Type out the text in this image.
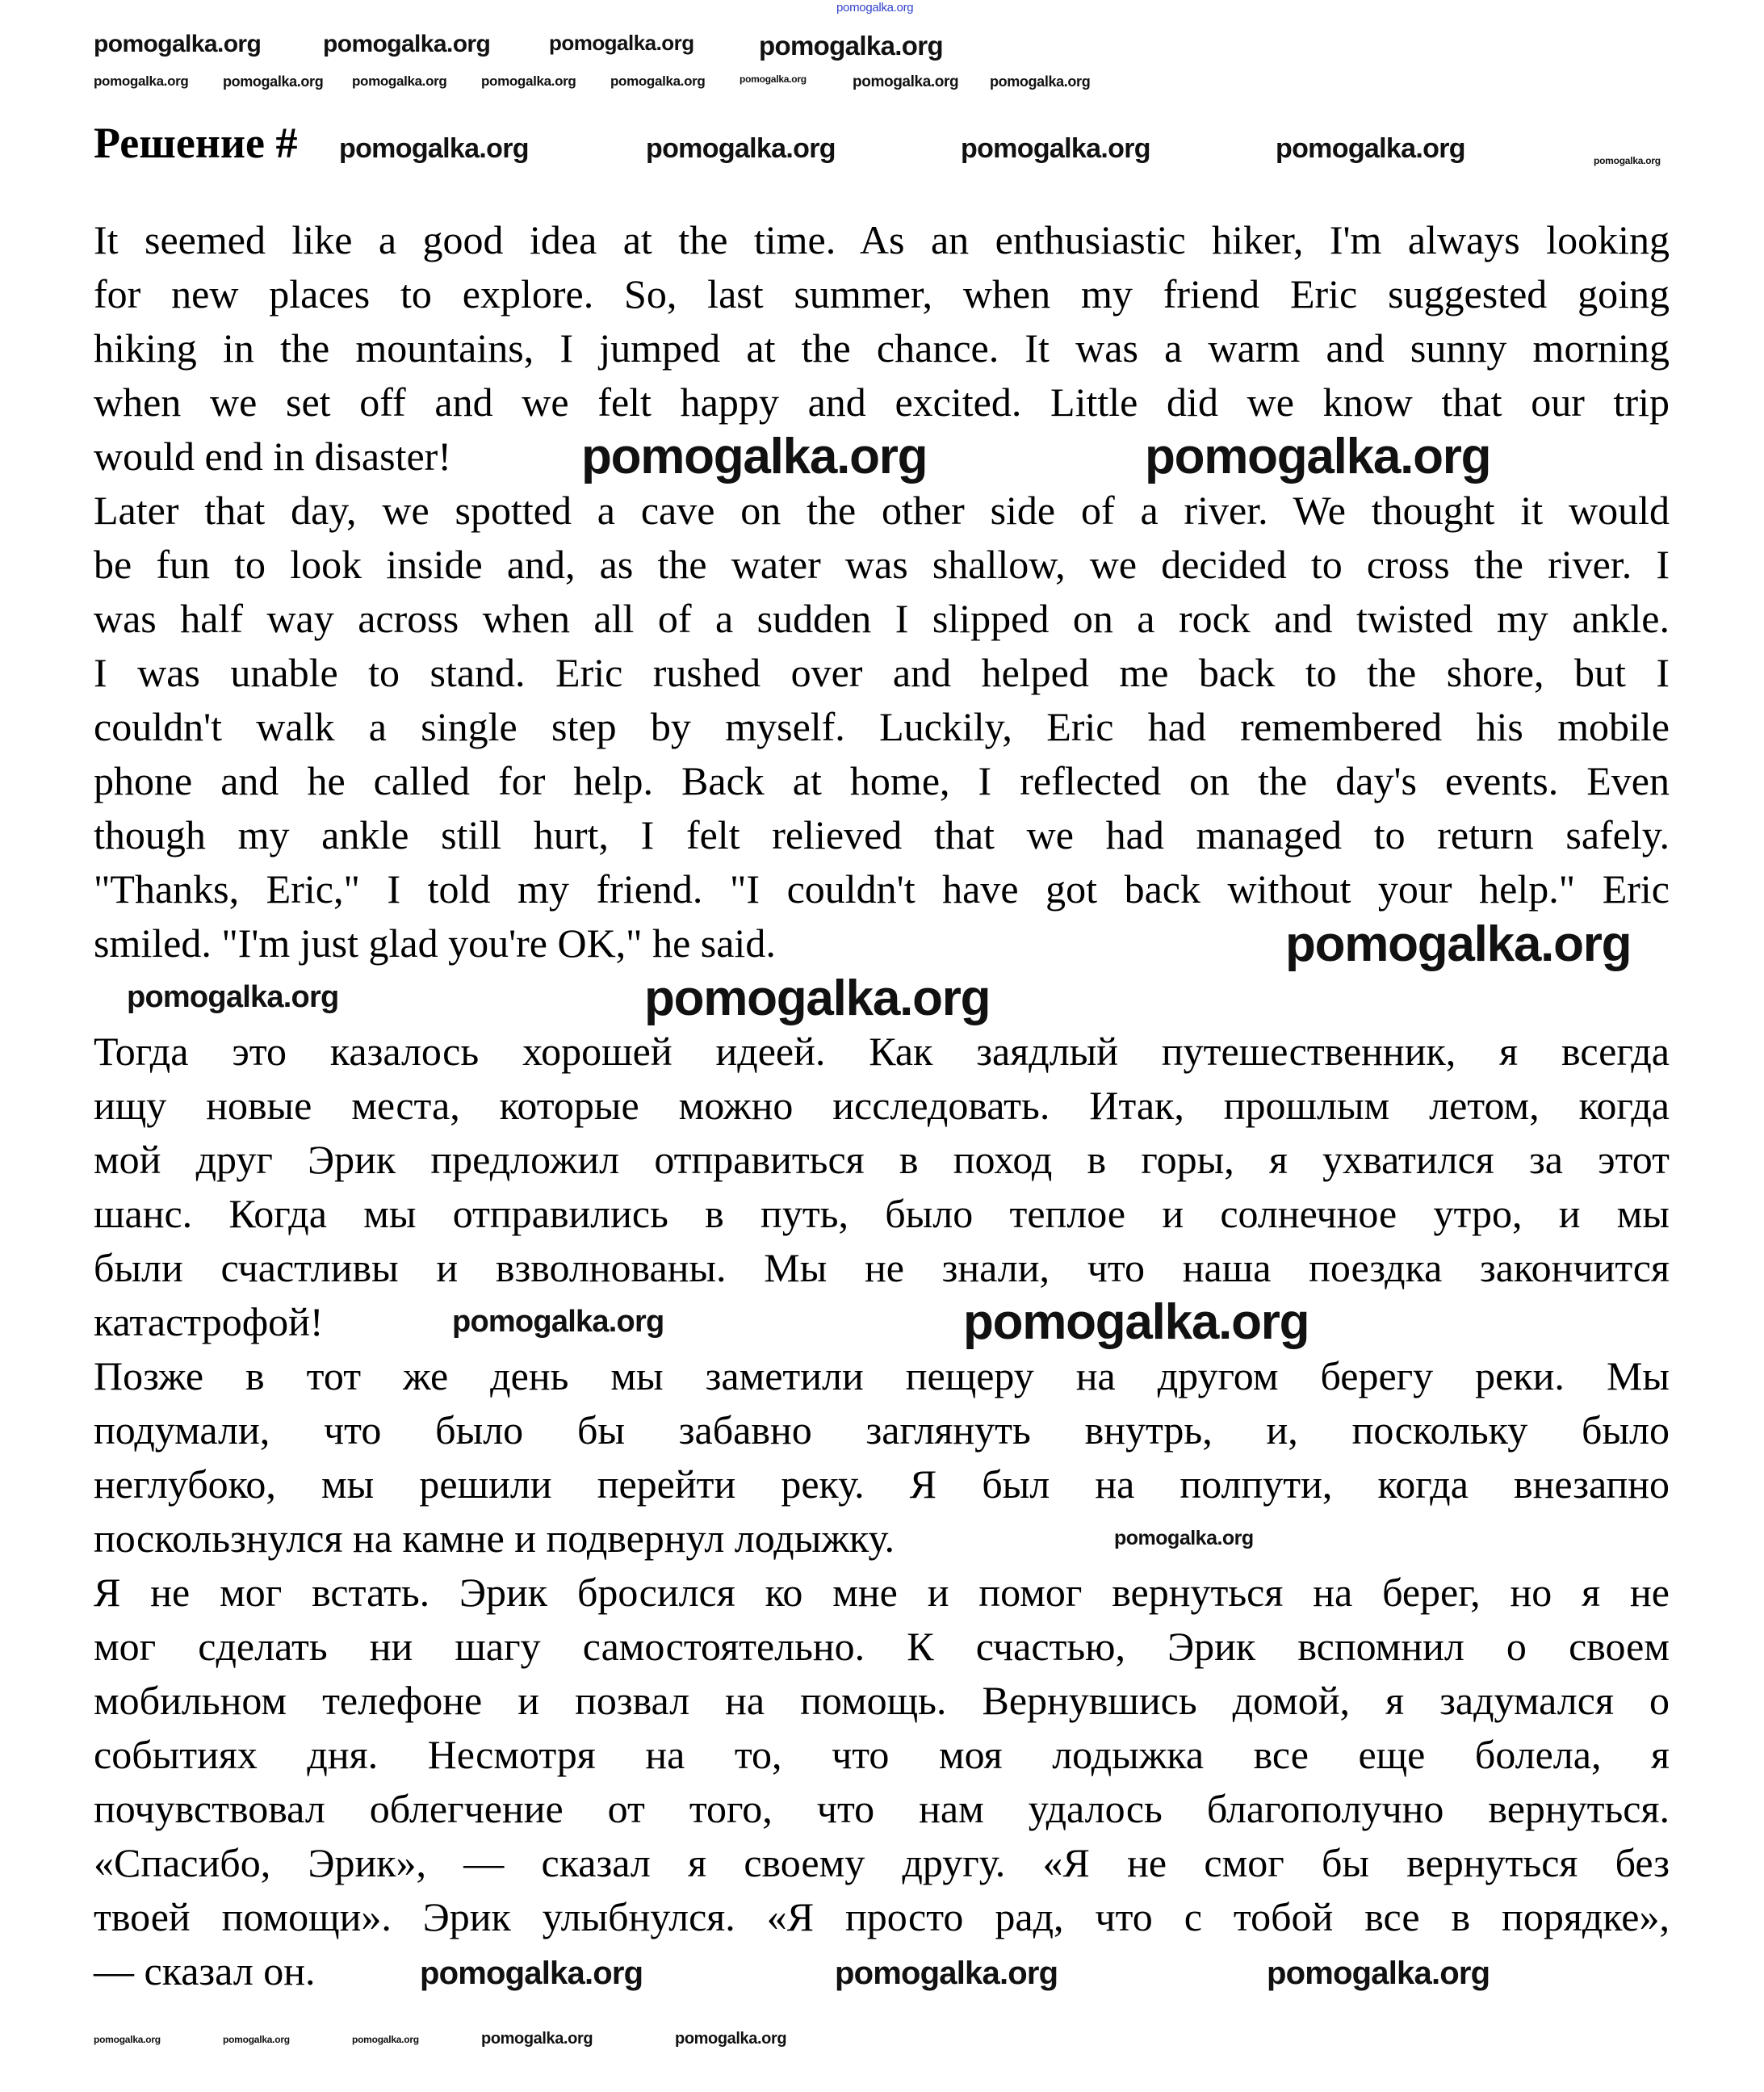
Решение #
It seemed like a good idea at the time. As an enthusiastic hiker, I'm always looking
for new places to explore. So, last summer, when my friend Eric suggested going
hiking in the mountains, I jumped at the chance. It was a warm and sunny morning
when we set off and we felt happy and excited. Little did we know that our trip
would end in disaster!
Later that day, we spotted a cave on the other side of a river. We thought it would
be fun to look inside and, as the water was shallow, we decided to cross the river. I
was half way across when all of a sudden I slipped on a rock and twisted my ankle.
I was unable to stand. Eric rushed over and helped me back to the shore, but I
couldn't walk a single step by myself. Luckily, Eric had remembered his mobile
phone and he called for help. Back at home, I reflected on the day's events. Even
though my ankle still hurt, I felt relieved that we had managed to return safely.
"Thanks, Eric," I told my friend. "I couldn't have got back without your help." Eric
smiled. "I'm just glad you're OK," he said.
Тогда это казалось хорошей идеей. Как заядлый путешественник, я всегда
ищу новые места, которые можно исследовать. Итак, прошлым летом, когда
мой друг Эрик предложил отправиться в поход в горы, я ухватился за этот
шанс. Когда мы отправились в путь, было теплое и солнечное утро, и мы
были счастливы и взволнованы. Мы не знали, что наша поездка закончится
катастрофой!
Позже в тот же день мы заметили пещеру на другом берегу реки. Мы
подумали, что было бы забавно заглянуть внутрь, и, поскольку было
неглубоко, мы решили перейти реку. Я был на полпути, когда внезапно
поскользнулся на камне и подвернул лодыжку.
Я не мог встать. Эрик бросился ко мне и помог вернуться на берег, но я не
мог сделать ни шагу самостоятельно. К счастью, Эрик вспомнил о своем
мобильном телефоне и позвал на помощь. Вернувшись домой, я задумался о
событиях дня. Несмотря на то, что моя лодыжка все еще болела, я
почувствовал облегчение от того, что нам удалось благополучно вернуться.
«Спасибо, Эрик», — сказал я своему другу. «Я не смог бы вернуться без
твоей помощи». Эрик улыбнулся. «Я просто рад, что с тобой все в порядке»,
— сказал он.
pomogalka.org
pomogalka.org	pomogalka.org	pomogalka.org	pomogalka.org	pomogalka.org
pomogalka.org	pomogalka.org	pomogalka.org pomogalka.org
pomogalka.org pomogalka.org pomogalka.org	pomogalka.org	pomogalka.org	pomogalka.org	pomogalka.org pomogalka.org
pomogalka.org	pomogalka.org
pomogalka.org
pomogalka.org
pomogalka.org
pomogalka.org	pomogalka.org
pomogalka.org
pomogalka.org	pomogalka.org	pomogalka.org
pomogalka.org	pomogalka.org	pomogalka.org	pomogalka.org	pomogalka.org
